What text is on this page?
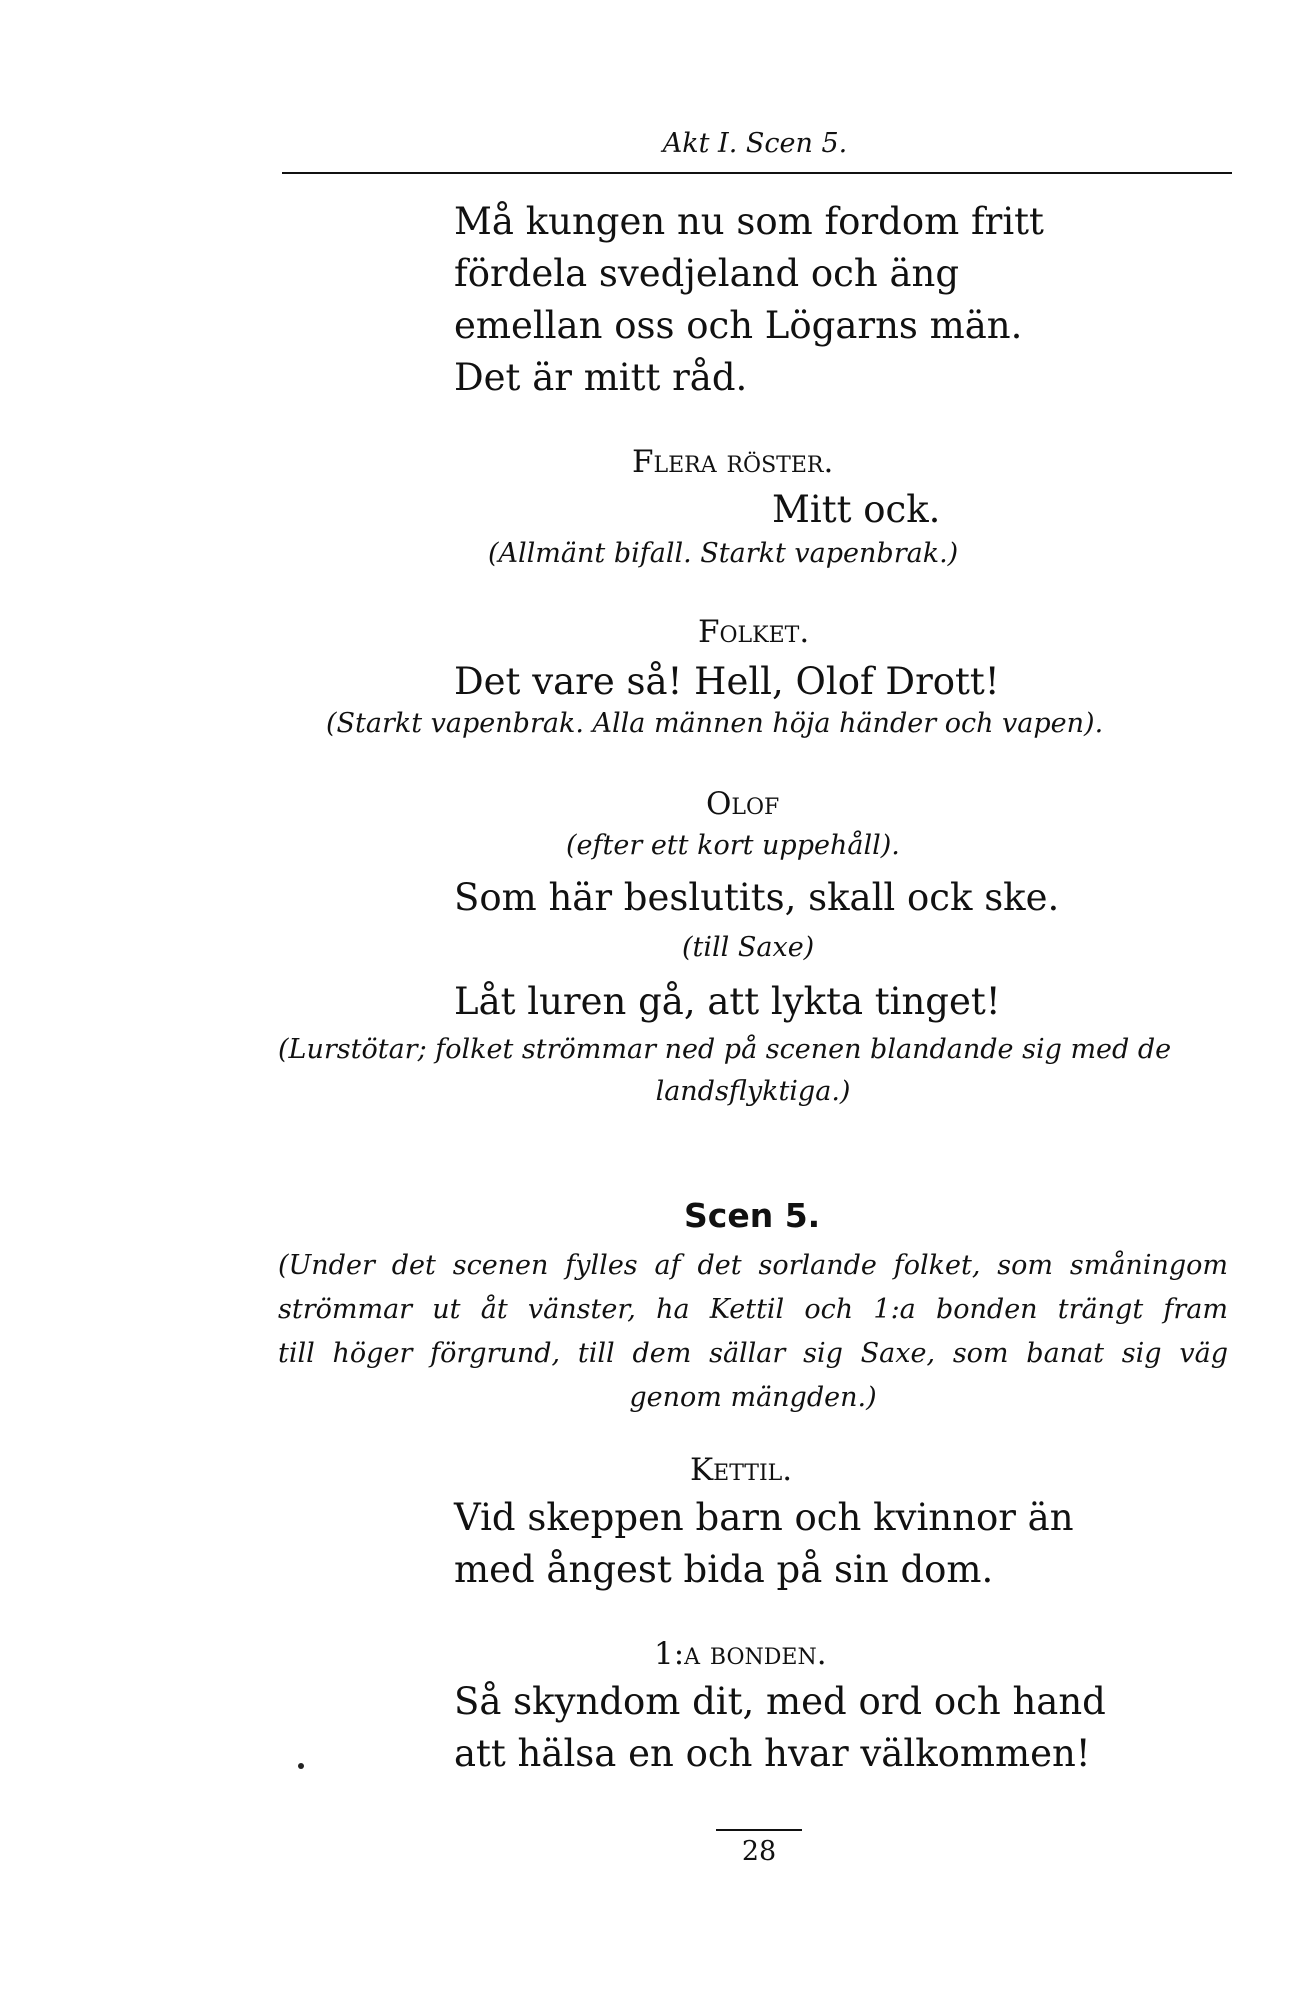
Akt I. Scen 5.
Må kungen nu som fordom fritt
fördela svedjeland och äng
emellan oss och Lögarns män.
Det är mitt råd.
Flera röster.
Mitt ock.
(Allmänt bifall. Starkt vapenbrak.)
Folket.
Det vare så! Hell, Olof Drott!
(Starkt vapenbrak. Alla männen höja händer och vapen).
Olof
(efter ett kort uppehåll).
Som här beslutits, skall ock ske.
(till Saxe)
Låt luren gå, att lykta tinget!
(Lurstötar; folket strömmar ned på scenen blandande sig med de
landsflyktiga.)
Scen 5.
(Under det scenen fylles af det sorlande folket, som småningom
strömmar ut åt vänster, ha Kettil och 1:a bonden trängt fram
till höger förgrund, till dem sällar sig Saxe, som banat sig väg
genom mängden.)
Kettil.
Vid skeppen barn och kvinnor än
med ångest bida på sin dom.
1:a bonden.
Så skyndom dit, med ord och hand
att hälsa en och hvar välkommen!
28
